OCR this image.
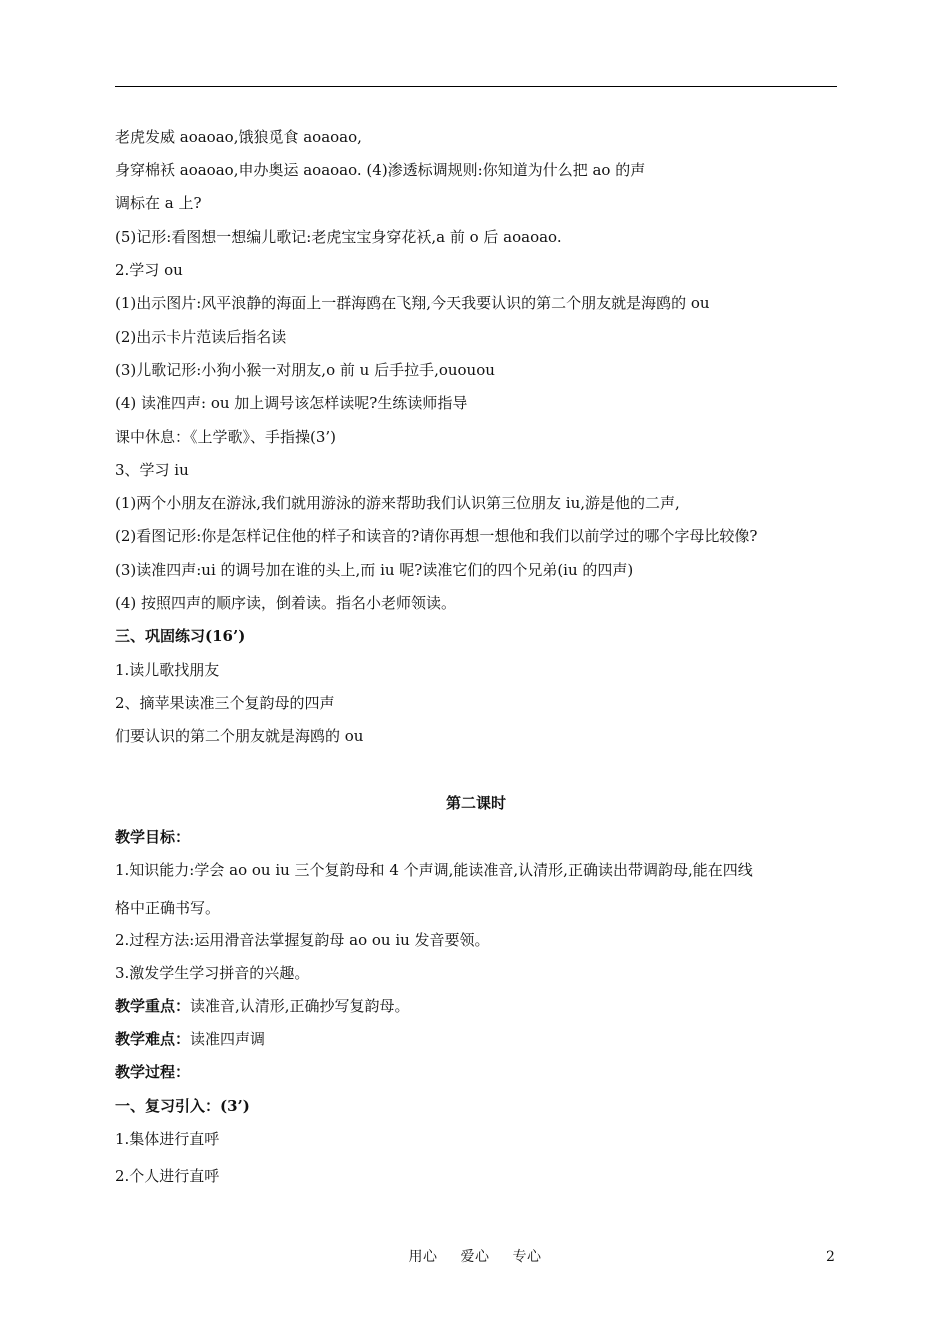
老虎发威 aoaoao,饿狼觅食 aoaoao,

身穿棉袄 aoaoao,申办奥运 aoaoao. (4)渗透标调规则:你知道为什么把 ao 的声

调标在 a 上?

(5)记形:看图想一想编儿歌记:老虎宝宝身穿花袄,a 前 o 后 aoaoao.

2.学习 ou

(1)出示图片:风平浪静的海面上一群海鸥在飞翔,今天我要认识的第二个朋友就是海鸥的 ou

(2)出示卡片范读后指名读

(3)儿歌记形:小狗小猴一对朋友,o 前 u 后手拉手,ououou

(4) 读准四声: ou 加上调号该怎样读呢?生练读师指导

课中休息：《上学歌》、手指操(3’)

3、学习 iu

(1)两个小朋友在游泳,我们就用游泳的游来帮助我们认识第三位朋友 iu,游是他的二声,

(2)看图记形:你是怎样记住他的样子和读音的?请你再想一想他和我们以前学过的哪个字母比较像?

(3)读准四声:ui 的调号加在谁的头上,而 iu 呢?读准它们的四个兄弟(iu 的四声)

(4) 按照四声的顺序读，倒着读。指名小老师领读。

三、巩固练习(16’)

1.读儿歌找朋友

2、摘苹果读准三个复韵母的四声

们要认识的第二个朋友就是海鸥的 ou

第二课时

教学目标：

1.知识能力:学会 ao ou iu 三个复韵母和 4 个声调,能读准音,认清形,正确读出带调韵母,能在四线

格中正确书写。

2.过程方法:运用滑音法掌握复韵母 ao ou iu 发音要领。

3.激发学生学习拼音的兴趣。

教学重点：读准音,认清形,正确抄写复韵母。

教学难点：读准四声调

教学过程：

一、复习引入：(3’)

1.集体进行直呼

2.个人进行直呼

用心 爱心 专心	2
